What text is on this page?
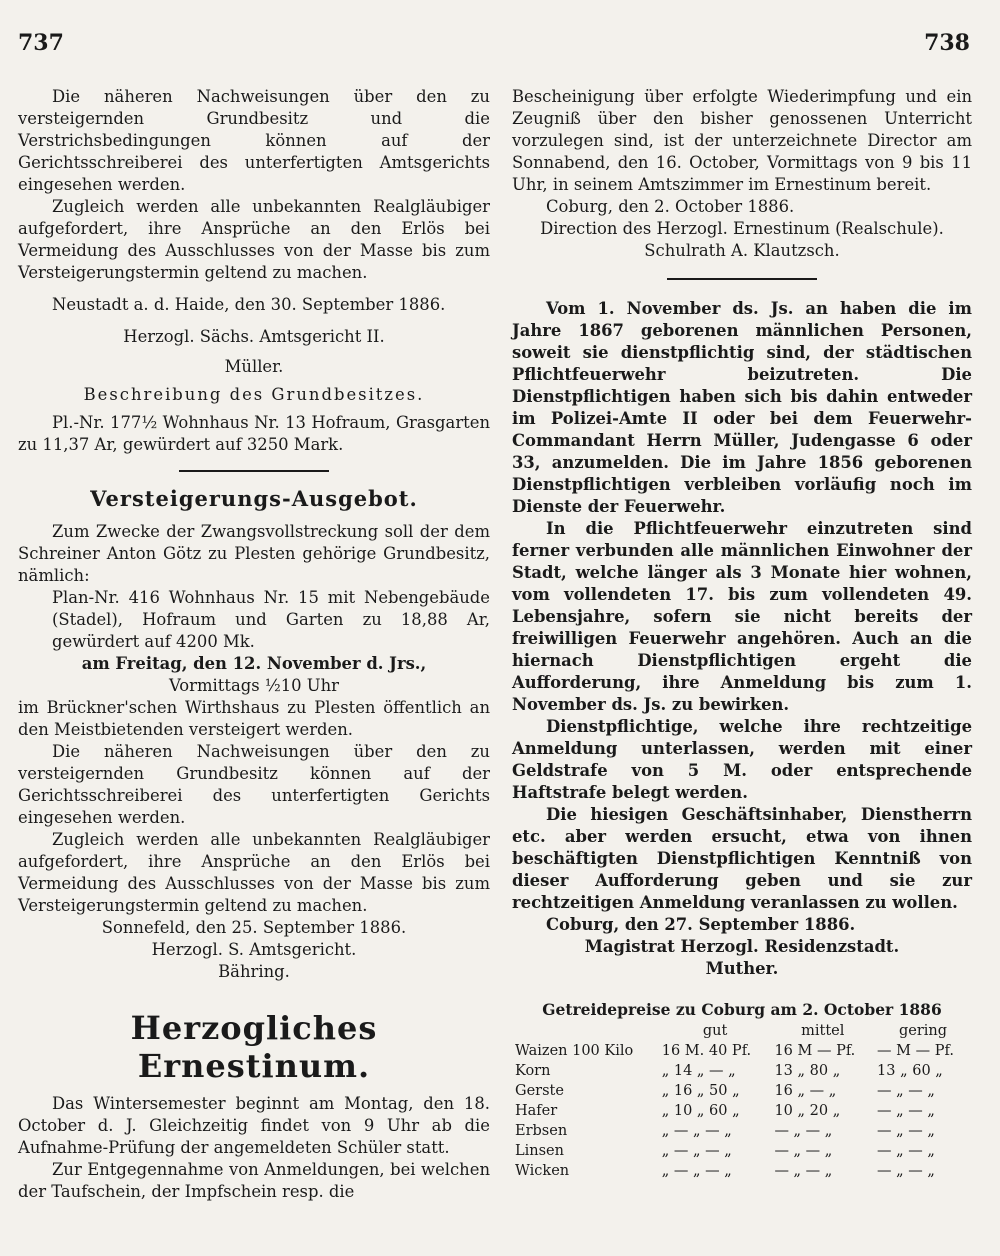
737	738

Die näheren Nachweisungen über den zu versteigernden Grundbesitz und die Verstrichsbedingungen können auf der Gerichtsschreiberei des unterfertigten Amtsgerichts eingesehen werden.

Zugleich werden alle unbekannten Realgläubiger aufgefordert, ihre Ansprüche an den Erlös bei Vermeidung des Ausschlusses von der Masse bis zum Versteigerungstermin geltend zu machen.

Neustadt a. d. Haide, den 30. September 1886.

Herzogl. Sächs. Amtsgericht II.

Müller.

Beschreibung des Grundbesitzes.

Pl.-Nr. 177½ Wohnhaus Nr. 13 Hofraum, Grasgarten zu 11,37 Ar, gewürdert auf 3250 Mark.

Versteigerungs-Ausgebot.

Zum Zwecke der Zwangsvollstreckung soll der dem Schreiner Anton Götz zu Plesten gehörige Grundbesitz, nämlich:

Plan-Nr. 416 Wohnhaus Nr. 15 mit Nebengebäude (Stadel), Hofraum und Garten zu 18,88 Ar, gewürdert auf 4200 Mk.

am Freitag, den 12. November d. Jrs.,

Vormittags ½10 Uhr

im Brückner'schen Wirthshaus zu Plesten öffentlich an den Meistbietenden versteigert werden.

Die näheren Nachweisungen über den zu versteigernden Grundbesitz können auf der Gerichtsschreiberei des unterfertigten Gerichts eingesehen werden.

Zugleich werden alle unbekannten Realgläubiger aufgefordert, ihre Ansprüche an den Erlös bei Vermeidung des Ausschlusses von der Masse bis zum Versteigerungstermin geltend zu machen.

Sonnefeld, den 25. September 1886.

Herzogl. S. Amtsgericht.

Bähring.

Herzogliches Ernestinum.

Das Wintersemester beginnt am Montag, den 18. October d. J. Gleichzeitig findet von 9 Uhr ab die Aufnahme-Prüfung der angemeldeten Schüler statt.

Zur Entgegennahme von Anmeldungen, bei welchen der Taufschein, der Impfschein resp. die

Bescheinigung über erfolgte Wiederimpfung und ein Zeugniß über den bisher genossenen Unterricht vorzulegen sind, ist der unterzeichnete Director am Sonnabend, den 16. October, Vormittags von 9 bis 11 Uhr, in seinem Amtszimmer im Ernestinum bereit.

Coburg, den 2. October 1886.

Direction des Herzogl. Ernestinum (Realschule).

Schulrath A. Klautzsch.

Vom 1. November ds. Js. an haben die im Jahre 1867 geborenen männlichen Personen, soweit sie dienstpflichtig sind, der städtischen Pflichtfeuerwehr beizutreten. Die Dienstpflichtigen haben sich bis dahin entweder im Polizei-Amte II oder bei dem Feuerwehr-Commandant Herrn Müller, Judengasse 6 oder 33, anzumelden. Die im Jahre 1856 geborenen Dienstpflichtigen verbleiben vorläufig noch im Dienste der Feuerwehr.

In die Pflichtfeuerwehr einzutreten sind ferner verbunden alle männlichen Einwohner der Stadt, welche länger als 3 Monate hier wohnen, vom vollendeten 17. bis zum vollendeten 49. Lebensjahre, sofern sie nicht bereits der freiwilligen Feuerwehr angehören. Auch an die hiernach Dienstpflichtigen ergeht die Aufforderung, ihre Anmeldung bis zum 1. November ds. Js. zu bewirken.

Dienstpflichtige, welche ihre rechtzeitige Anmeldung unterlassen, werden mit einer Geldstrafe von 5 M. oder entsprechende Haftstrafe belegt werden.

Die hiesigen Geschäftsinhaber, Dienstherrn etc. aber werden ersucht, etwa von ihnen beschäftigten Dienstpflichtigen Kenntniß von dieser Aufforderung geben und sie zur rechtzeitigen Anmeldung veranlassen zu wollen.

Coburg, den 27. September 1886.

Magistrat Herzogl. Residenzstadt.

Muther.

Getreidepreise zu Coburg am 2. October 1886
	gut	mittel	gering
Waizen 100 Kilo	16 M. 40 Pf.	16 M — Pf.	— M — Pf.
Korn	„ 14 „ — „	13 „ 80 „	13 „ 60 „
Gerste	„ 16 „ 50 „	16 „ — „	— „ — „
Hafer	„ 10 „ 60 „	10 „ 20 „	— „ — „
Erbsen	„ — „ — „	— „ — „	— „ — „
Linsen	„ — „ — „	— „ — „	— „ — „
Wicken	„ — „ — „	— „ — „	— „ — „
